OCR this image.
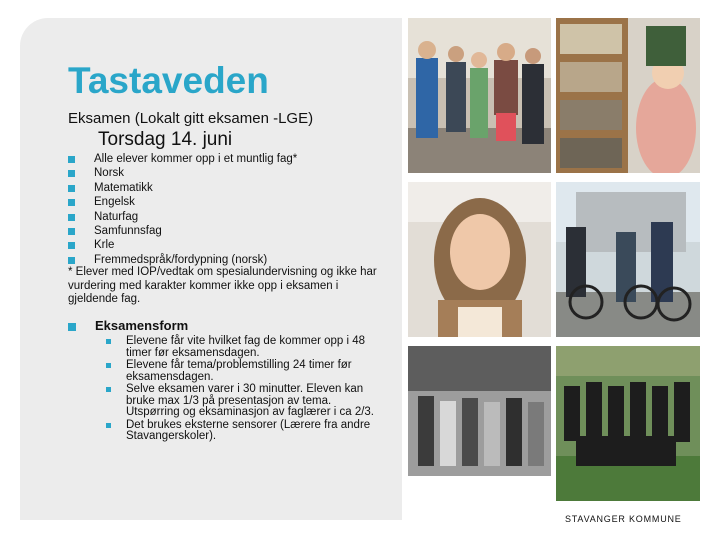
Tastaveden
Eksamen (Lokalt gitt eksamen -LGE)
Torsdag 14. juni
Alle elever kommer opp i et muntlig fag*
Norsk
Matematikk
Engelsk
Naturfag
Samfunnsfag
Krle
Fremmedspråk/fordypning (norsk)
* Elever med IOP/vedtak om spesialundervisning og ikke har vurdering med karakter kommer ikke opp i eksamen i gjeldende fag.
Eksamensform
Elevene får vite hvilket fag de kommer opp i 48 timer før eksamensdagen.
Elevene får tema/problemstilling 24 timer før eksamensdagen.
Selve eksamen varer i 30 minutter. Eleven kan bruke max 1/3 på presentasjon av tema. Utspørring og eksaminasjon av faglærer i ca 2/3.
Det brukes eksterne sensorer (Lærere fra andre Stavangerskoler).
STAVANGER KOMMUNE
